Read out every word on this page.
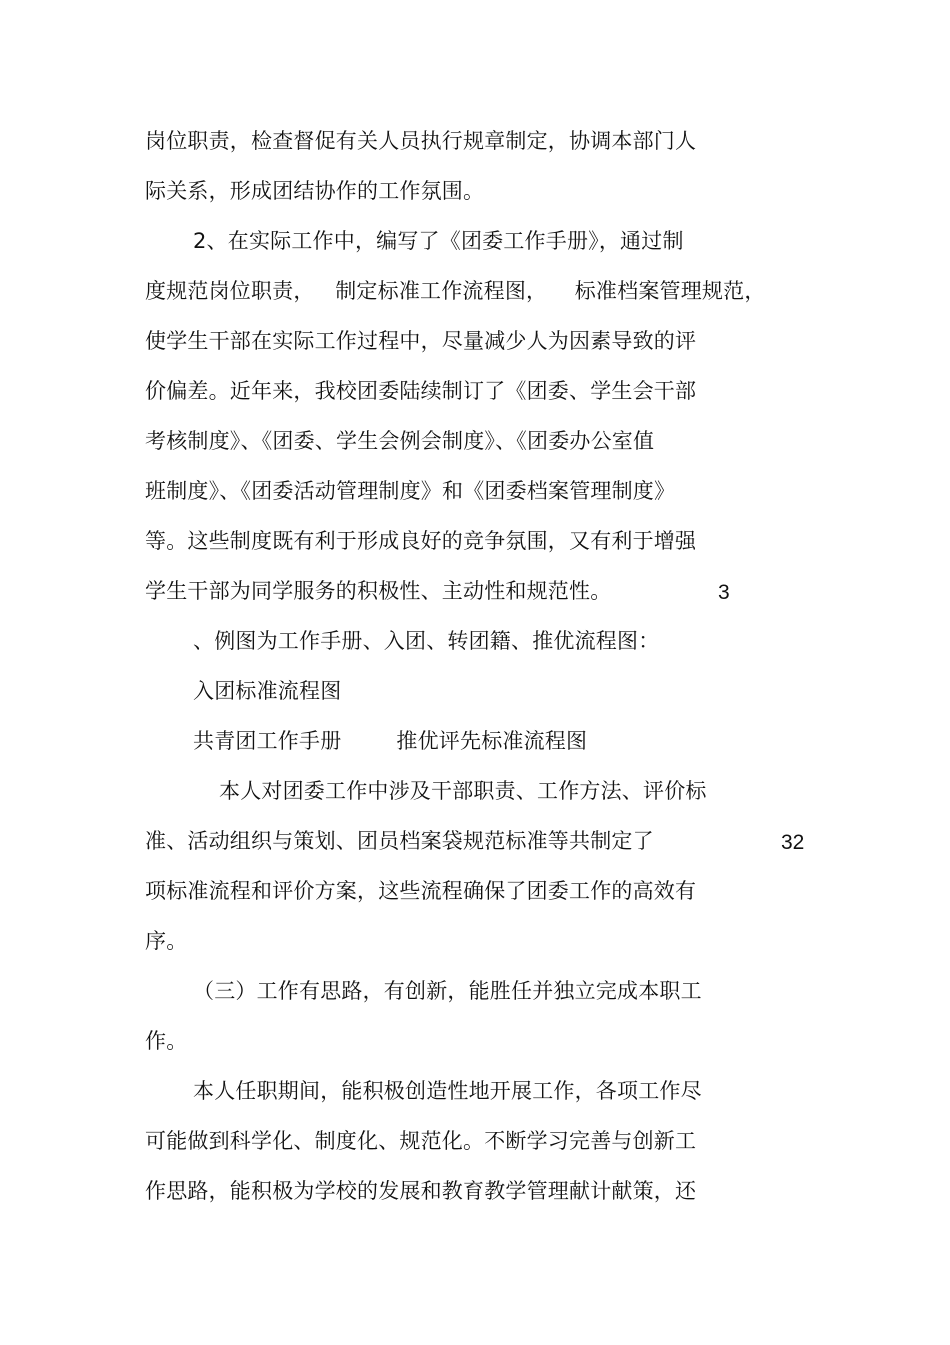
岗位职责，检查督促有关人员执行规章制定，协调本部门人
际关系，形成团结协作的工作氛围。
2、在实际工作中，编写了《团委工作手册》，通过制
度规范岗位职责，   制定标准工作流程图，    标准档案管理规范，
使学生干部在实际工作过程中，尽量减少人为因素导致的评
价偏差。近年来，我校团委陆续制订了《团委、学生会干部
考核制度》、《团委、学生会例会制度》、《团委办公室值
班制度》、《团委活动管理制度》和《团委档案管理制度》
等。这些制度既有利于形成良好的竞争氛围，又有利于增强
学生干部为同学服务的积极性、主动性和规范性。	3
、例图为工作手册、入团、转团籍、推优流程图：
入团标准流程图
共青团工作手册        推优评先标准流程图
本人对团委工作中涉及干部职责、工作方法、评价标
准、活动组织与策划、团员档案袋规范标准等共制定了	32
项标准流程和评价方案，这些流程确保了团委工作的高效有
序。
（三）工作有思路，有创新，能胜任并独立完成本职工
作。
本人任职期间，能积极创造性地开展工作，各项工作尽
可能做到科学化、制度化、规范化。不断学习完善与创新工
作思路，能积极为学校的发展和教育教学管理献计献策，还
